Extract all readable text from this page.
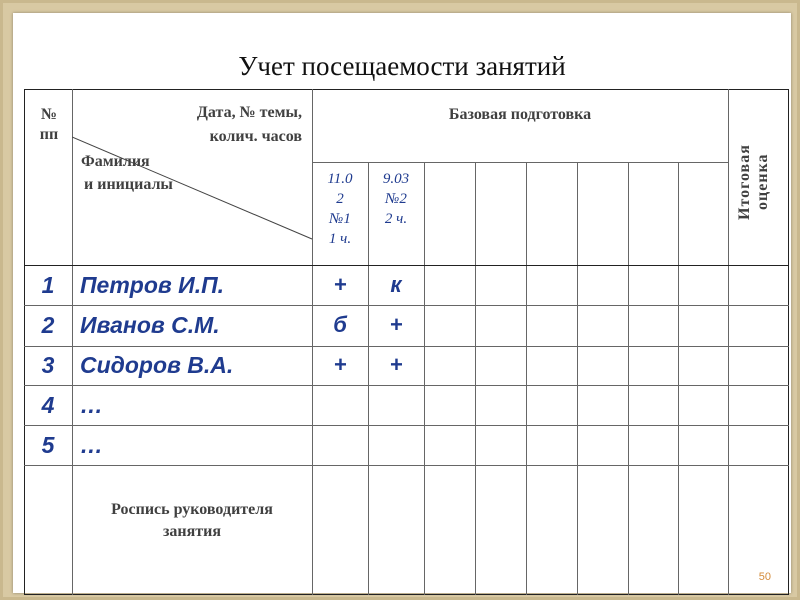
Учет посещаемости занятий
№
пп
Дата, № темы,
колич. часов
Фамилия
и инициалы
Базовая подготовка
Итоговая
оценка
11.0
2
№1
1 ч.
9.03
№2
2 ч.
1	Петров И.П.	+	к
2	Иванов С.М.	б	+
3	Сидоров В.А.	+	+
4	…
5	…
Роспись руководителя
занятия
50
